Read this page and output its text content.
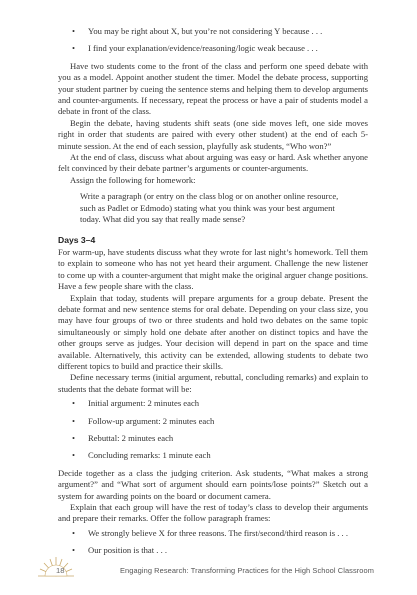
•	You may be right about X, but you’re not considering Y because . . .
•	I find your explanation/evidence/reasoning/logic weak because . . .

Have two students come to the front of the class and perform one speed debate with you as a model. Appoint another student the timer. Model the debate process, supporting your student partner by cueing the sentence stems and helping them to develop arguments and counter-arguments. If necessary, repeat the process or have a pair of students model a debate in front of the class.

Begin the debate, having students shift seats (one side moves left, one side moves right in order that students are paired with every other student) at the end of each 5-minute session. At the end of each session, playfully ask students, “Who won?”

At the end of class, discuss what about arguing was easy or hard. Ask whether anyone felt convinced by their debate partner’s arguments or counter-arguments.

Assign the following for homework:

Write a paragraph (or entry on the class blog or on another online resource, such as Padlet or Edmodo) stating what you think was your best argument today. What did you say that really made sense?

Days 3–4

For warm-up, have students discuss what they wrote for last night’s homework. Tell them to explain to someone who has not yet heard their argument. Challenge the new listener to come up with a counter-argument that might make the original arguer change positions. Have a few people share with the class.

Explain that today, students will prepare arguments for a group debate. Present the debate format and new sentence stems for oral debate. Depending on your class size, you may have four groups of two or three students and hold two debates on the same topic simultaneously or simply hold one debate after another on distinct topics and have the other groups serve as judges. Your decision will depend in part on the space and time available. Alternatively, this activity can be extended, allowing students to debate two different topics to build and practice their skills.

Define necessary terms (initial argument, rebuttal, concluding remarks) and explain to students that the debate format will be:

•	Initial argument: 2 minutes each
•	Follow-up argument: 2 minutes each
•	Rebuttal: 2 minutes each
•	Concluding remarks: 1 minute each

Decide together as a class the judging criterion. Ask students, “What makes a strong argument?” and “What sort of argument should earn points/lose points?” Sketch out a system for awarding points on the board or document camera.

Explain that each group will have the rest of today’s class to develop their arguments and prepare their remarks. Offer the follow paragraph frames:

•	We strongly believe X for three reasons. The first/second/third reason is . . .
•	Our position is that . . .
18	Engaging Research: Transforming Practices for the High School Classroom
